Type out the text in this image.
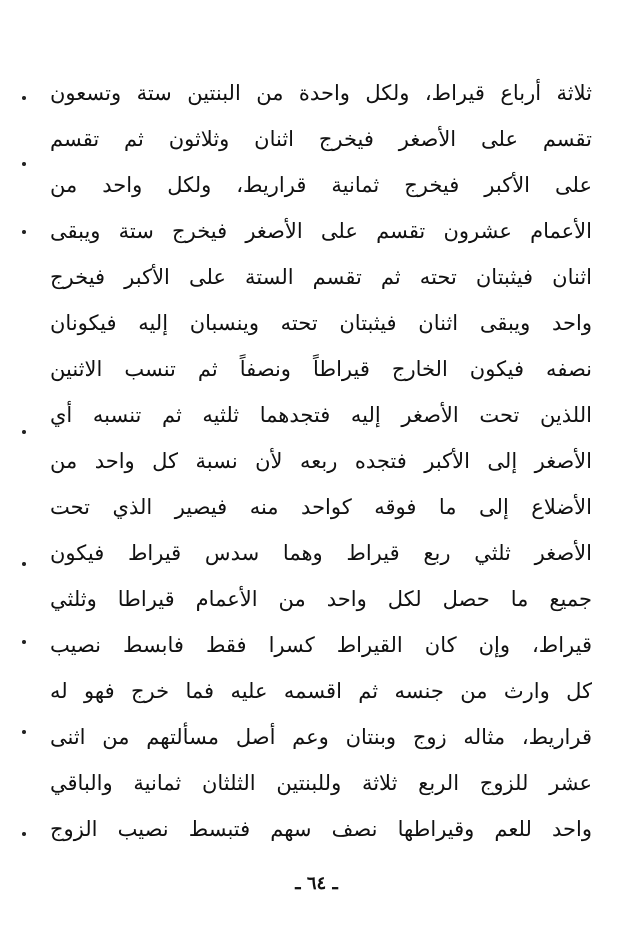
ثلاثة أرباع قيراط، ولكل واحدة من البنتين ستة وتسعون
تقسم على الأصغر فيخرج اثنان وثلاثون ثم تقسم
على الأكبر فيخرج ثمانية قراريط، ولكل واحد من
الأعمام عشرون تقسم على الأصغر فيخرج ستة ويبقى
اثنان فيثبتان تحته ثم تقسم الستة على الأكبر فيخرج
واحد ويبقى اثنان فيثبتان تحته وينسبان إليه فيكونان
نصفه فيكون الخارج قيراطاً ونصفاً ثم تنسب الاثنين
اللذين تحت الأصغر إليه فتجدهما ثلثيه ثم تنسبه أي
الأصغر إلى الأكبر فتجده ربعه لأن نسبة كل واحد من
الأضلاع إلى ما فوقه كواحد منه فيصير الذي تحت
الأصغر ثلثي ربع قيراط وهما سدس قيراط فيكون
جميع ما حصل لكل واحد من الأعمام قيراطا وثلثي
قيراط، وإن كان القيراط كسرا فقط فابسط نصيب
كل وارث من جنسه ثم اقسمه عليه فما خرج فهو له
قراريط، مثاله زوج وبنتان وعم أصل مسألتهم من اثنى
عشر للزوج الربع ثلاثة وللبنتين الثلثان ثمانية والباقي
واحد للعم وقيراطها نصف سهم فتبسط نصيب الزوج
ـ ٦٤ ـ
